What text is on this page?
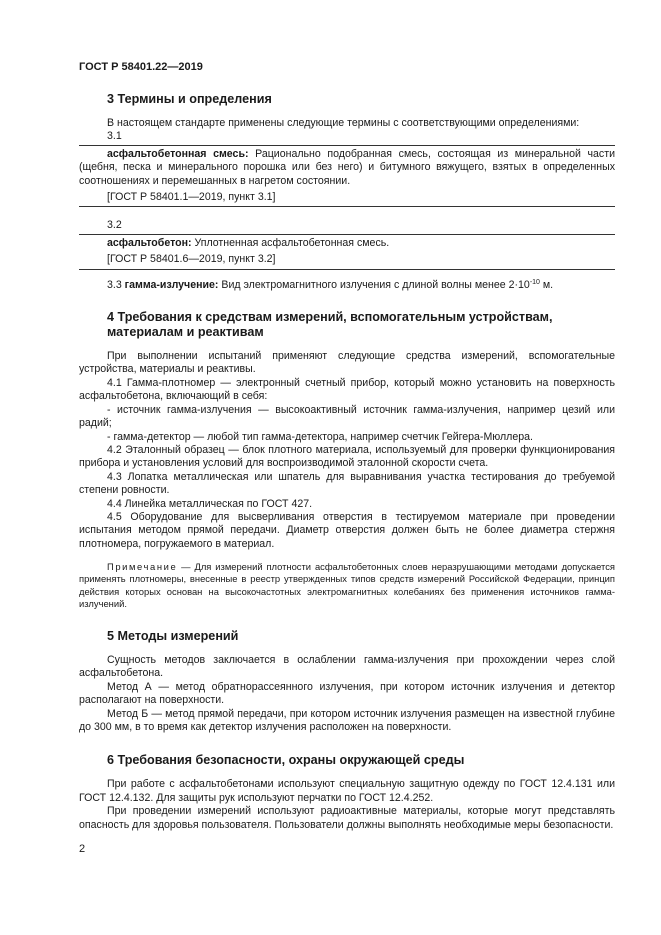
ГОСТ Р 58401.22—2019
3 Термины и определения

В настоящем стандарте применены следующие термины с соответствующими определениями:

3.1

асфальтобетонная смесь: Рационально подобранная смесь, состоящая из минеральной части (щебня, песка и минерального порошка или без него) и битумного вяжущего, взятых в определенных соотношениях и перемешанных в нагретом состоянии.

[ГОСТ Р 58401.1—2019, пункт 3.1]

3.2

асфальтобетон: Уплотненная асфальтобетонная смесь.

[ГОСТ Р 58401.6—2019, пункт 3.2]

3.3 гамма-излучение: Вид электромагнитного излучения с длиной волны менее $2\cdot 10^{-10}$ м.

4 Требования к средствам измерений, вспомогательным устройствам,
материалам и реактивам

При выполнении испытаний применяют следующие средства измерений, вспомогательные устройства, материалы и реактивы.

4.1 Гамма-плотномер — электронный счетный прибор, который можно установить на поверхность асфальтобетона, включающий в себя:

- источник гамма-излучения — высокоактивный источник гамма-излучения, например цезий или радий;

- гамма-детектор — любой тип гамма-детектора, например счетчик Гейгера-Мюллера.

4.2 Эталонный образец — блок плотного материала, используемый для проверки функционирования прибора и установления условий для воспроизводимой эталонной скорости счета.

4.3 Лопатка металлическая или шпатель для выравнивания участка тестирования до требуемой степени ровности.

4.4 Линейка металлическая по ГОСТ 427.

4.5 Оборудование для высверливания отверстия в тестируемом материале при проведении испытания методом прямой передачи. Диаметр отверстия должен быть не более диаметра стержня плотномера, погружаемого в материал.

Примечание — Для измерений плотности асфальтобетонных слоев неразрушающими методами допускается применять плотномеры, внесенные в реестр утвержденных типов средств измерений Российской Федерации, принцип действия которых основан на высокочастотных электромагнитных колебаниях без применения источников гамма-излучений.

5 Методы измерений

Сущность методов заключается в ослаблении гамма-излучения при прохождении через слой асфальтобетона.

Метод А — метод обратнорассеянного излучения, при котором источник излучения и детектор располагают на поверхности.

Метод Б — метод прямой передачи, при котором источник излучения размещен на известной глубине до 300 мм, в то время как детектор излучения расположен на поверхности.

6 Требования безопасности, охраны окружающей среды

При работе с асфальтобетонами используют специальную защитную одежду по ГОСТ 12.4.131 или ГОСТ 12.4.132. Для защиты рук используют перчатки по ГОСТ 12.4.252.

При проведении измерений используют радиоактивные материалы, которые могут представлять опасность для здоровья пользователя. Пользователи должны выполнять необходимые меры безопасности.

2
